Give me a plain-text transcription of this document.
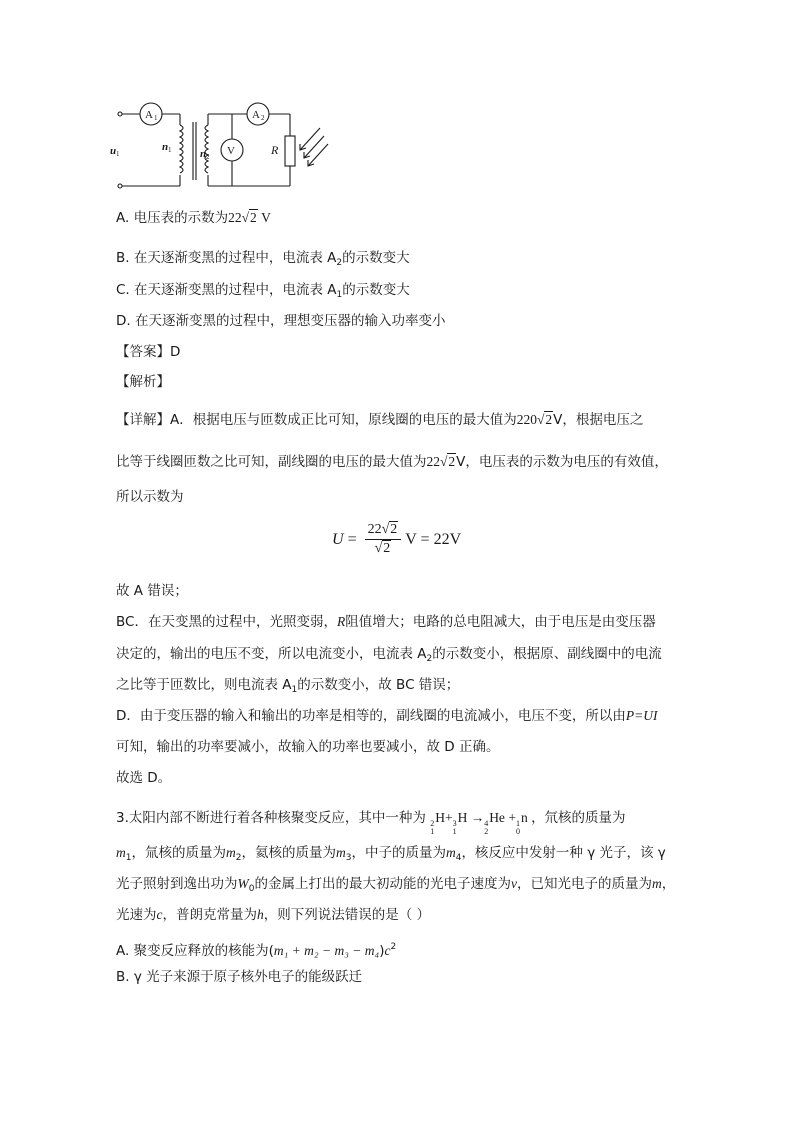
A 1	A 2
V
u 1
n 1	n 2	R
A. 电压表的示数为22√2 V
B. 在天逐渐变黑的过程中，电流表 $A_2$的示数变大
C. 在天逐渐变黑的过程中，电流表 $A_1$的示数变大
D. 在天逐渐变黑的过程中，理想变压器的输入功率变小
【答案】D
【解析】
【详解】A．根据电压与匝数成正比可知，原线圈的电压的最大值为220√2V，根据电压之
比等于线圈匝数之比可知，副线圈的电压的最大值为22√2V，电压表的示数为电压的有效值，
所以示数为
$U = \frac{22√2}{√2}$ V = 22V
故 A 错误；
BC．在天变黑的过程中，光照变弱，R阻值增大；电路的总电阻减大，由于电压是由变压器
决定的，输出的电压不变，所以电流变小，电流表 $A_2$的示数变小，根据原、副线圈中的电流
之比等于匝数比，则电流表 $A_1$的示数变小，故 BC 错误；
D．由于变压器的输入和输出的功率是相等的，副线圈的电流减小，电压不变，所以由P=UI
可知，输出的功率要减小，故输入的功率也要减小，故 D 正确。
故选 D。
3.太阳内部不断进行着各种核聚变反应，其中一种为 2
1
H+ 3
1
H → 4
2
He + 1
0
n ，氘核的质量为
$m_1$，氚核的质量为$m_2$，氦核的质量为$m_3$，中子的质量为$m_4$，核反应中发射一种 γ 光子，该 γ
光子照射到逸出功为$W_0$的金属上打出的最大初动能的光电子速度为v，已知光电子的质量为m，
光速为c，普朗克常量为h，则下列说法错误的是（ ）
A. 聚变反应释放的核能为$(m_1 + m_2 - m_3 - m_4)c^2$
B. γ 光子来源于原子核外电子的能级跃迁
